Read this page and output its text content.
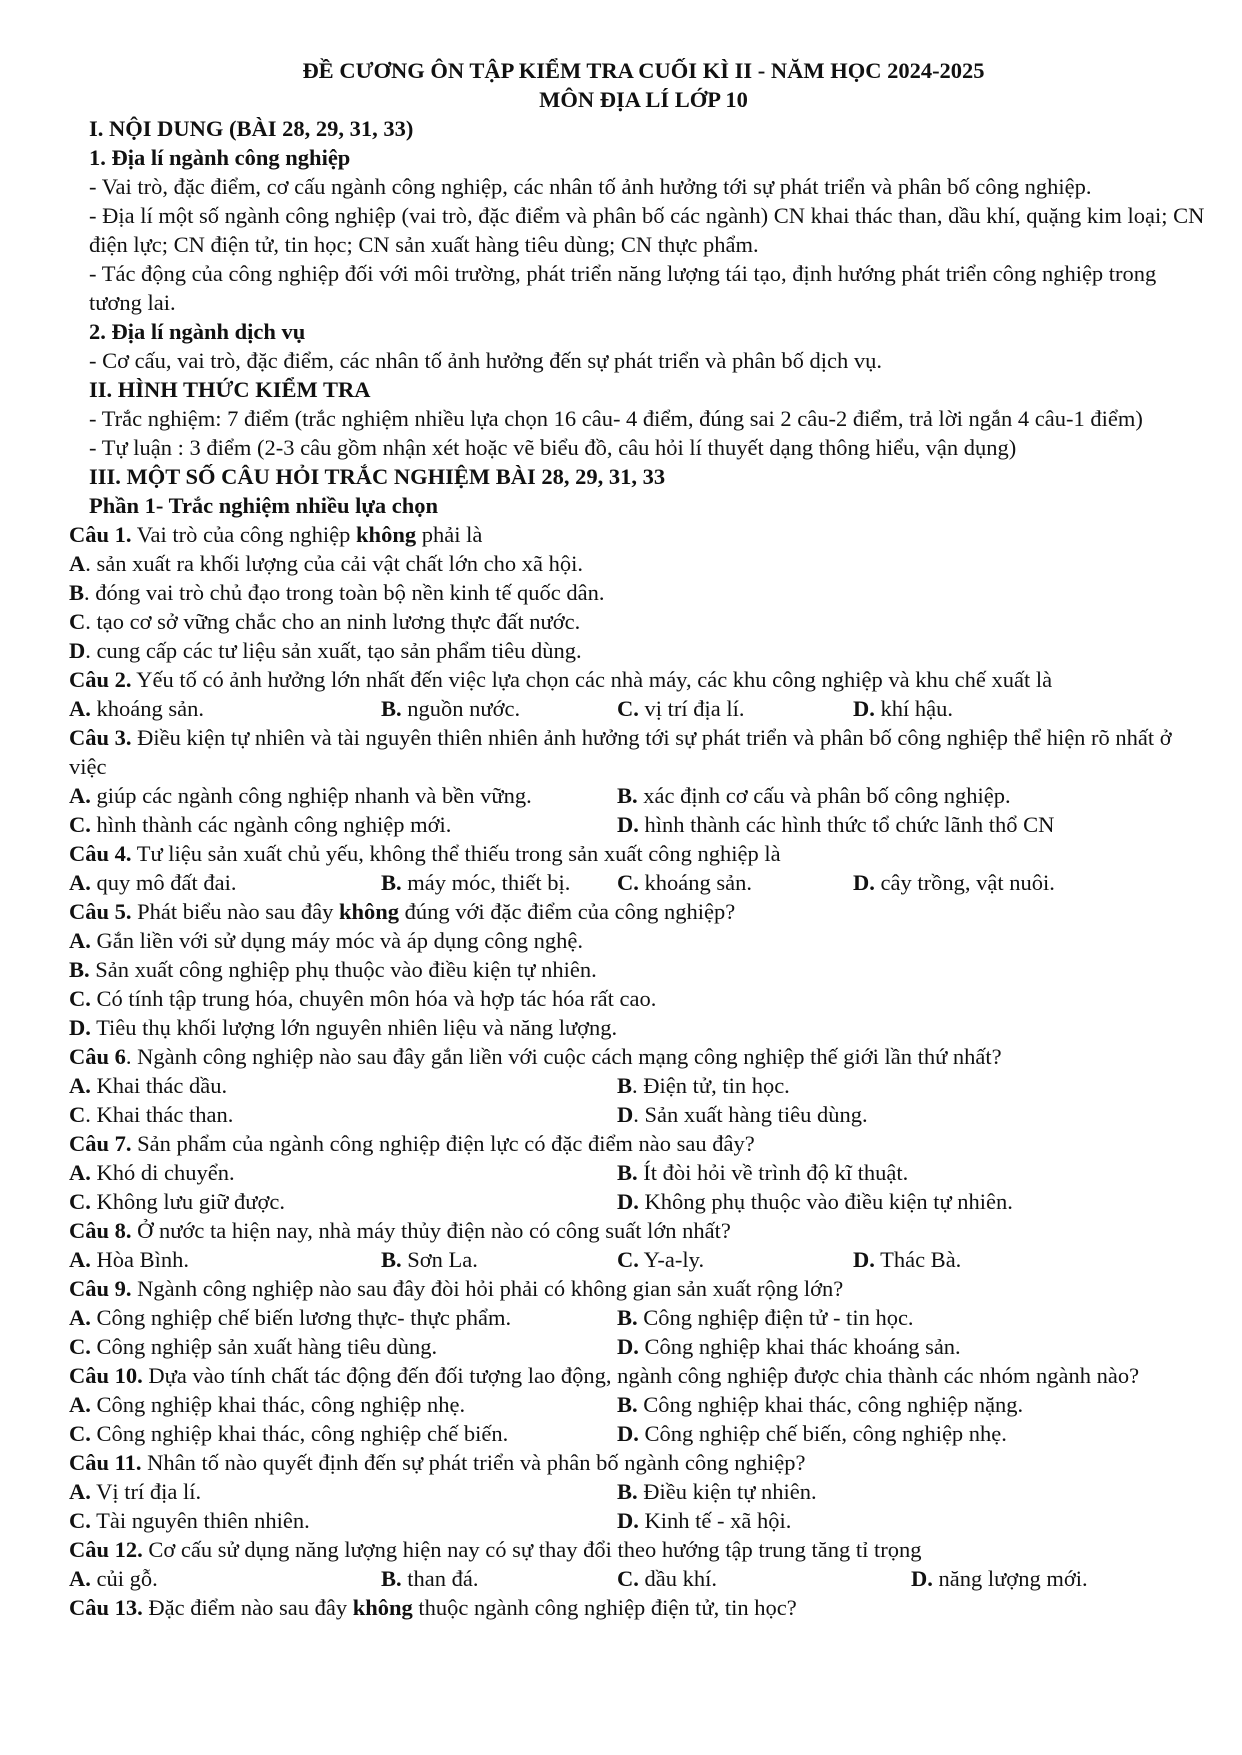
ĐỀ CƯƠNG ÔN TẬP KIỂM TRA CUỐI KÌ II - NĂM HỌC 2024-2025

MÔN ĐỊA LÍ LỚP 10

I. NỘI DUNG (BÀI 28, 29, 31, 33)

1. Địa lí ngành công nghiệp

- Vai trò, đặc điểm, cơ cấu ngành công nghiệp, các nhân tố ảnh hưởng tới sự phát triển và phân bố công nghiệp.

- Địa lí một số ngành công nghiệp (vai trò, đặc điểm và phân bố các ngành) CN khai thác than, dầu khí, quặng kim loại; CN điện lực; CN điện tử, tin học; CN sản xuất hàng tiêu dùng; CN thực phẩm.

- Tác động của công nghiệp đối với môi trường, phát triển năng lượng tái tạo, định hướng phát triển công nghiệp trong tương lai.

2. Địa lí ngành dịch vụ

- Cơ cấu, vai trò, đặc điểm, các nhân tố ảnh hưởng đến sự phát triển và phân bố dịch vụ.

II. HÌNH THỨC KIỂM TRA

- Trắc nghiệm: 7 điểm (trắc nghiệm nhiều lựa chọn 16 câu- 4 điểm, đúng sai 2 câu-2 điểm, trả lời ngắn 4 câu-1 điểm)

- Tự luận : 3 điểm (2-3 câu gồm nhận xét hoặc vẽ biểu đồ, câu hỏi lí thuyết dạng thông hiểu, vận dụng)

III. MỘT SỐ CÂU HỎI TRẮC NGHIỆM BÀI 28, 29, 31, 33

Phần 1- Trắc nghiệm nhiều lựa chọn

Câu 1. Vai trò của công nghiệp không phải là

A. sản xuất ra khối lượng của cải vật chất lớn cho xã hội.
B. đóng vai trò chủ đạo trong toàn bộ nền kinh tế quốc dân.
C. tạo cơ sở vững chắc cho an ninh lương thực đất nước.
D. cung cấp các tư liệu sản xuất, tạo sản phẩm tiêu dùng.

Câu 2. Yếu tố có ảnh hưởng lớn nhất đến việc lựa chọn các nhà máy, các khu công nghiệp và khu chế xuất là

A. khoáng sản.	B. nguồn nước.	C. vị trí địa lí.	D. khí hậu.

Câu 3. Điều kiện tự nhiên và tài nguyên thiên nhiên ảnh hưởng tới sự phát triển và phân bố công nghiệp thể hiện rõ nhất ở việc

A. giúp các ngành công nghiệp nhanh và bền vững.	B. xác định cơ cấu và phân bố công nghiệp.
C. hình thành các ngành công nghiệp mới.	D. hình thành các hình thức tổ chức lãnh thổ CN

Câu 4. Tư liệu sản xuất chủ yếu, không thể thiếu trong sản xuất công nghiệp là

A. quy mô đất đai.	B. máy móc, thiết bị.	C. khoáng sản.	D. cây trồng, vật nuôi.

Câu 5. Phát biểu nào sau đây không đúng với đặc điểm của công nghiệp?

A. Gắn liền với sử dụng máy móc và áp dụng công nghệ.
B. Sản xuất công nghiệp phụ thuộc vào điều kiện tự nhiên.
C. Có tính tập trung hóa, chuyên môn hóa và hợp tác hóa rất cao.
D. Tiêu thụ khối lượng lớn nguyên nhiên liệu và năng lượng.

Câu 6. Ngành công nghiệp nào sau đây gắn liền với cuộc cách mạng công nghiệp thế giới lần thứ nhất?

A. Khai thác dầu.	B. Điện tử, tin học.
C. Khai thác than.	D. Sản xuất hàng tiêu dùng.

Câu 7. Sản phẩm của ngành công nghiệp điện lực có đặc điểm nào sau đây?

A. Khó di chuyển.	B. Ít đòi hỏi về trình độ kĩ thuật.
C. Không lưu giữ được.	D. Không phụ thuộc vào điều kiện tự nhiên.

Câu 8. Ở nước ta hiện nay, nhà máy thủy điện nào có công suất lớn nhất?

A. Hòa Bình.	B. Sơn La.	C. Y-a-ly.	D. Thác Bà.

Câu 9. Ngành công nghiệp nào sau đây đòi hỏi phải có không gian sản xuất rộng lớn?

A. Công nghiệp chế biến lương thực- thực phẩm.	B. Công nghiệp điện tử - tin học.
C. Công nghiệp sản xuất hàng tiêu dùng.	D. Công nghiệp khai thác khoáng sản.

Câu 10. Dựa vào tính chất tác động đến đối tượng lao động, ngành công nghiệp được chia thành các nhóm ngành nào?

A. Công nghiệp khai thác, công nghiệp nhẹ.	B. Công nghiệp khai thác, công nghiệp nặng.
C. Công nghiệp khai thác, công nghiệp chế biến.	D. Công nghiệp chế biến, công nghiệp nhẹ.

Câu 11. Nhân tố nào quyết định đến sự phát triển và phân bố ngành công nghiệp?

A. Vị trí địa lí.	B. Điều kiện tự nhiên.
C. Tài nguyên thiên nhiên.	D. Kinh tế - xã hội.

Câu 12. Cơ cấu sử dụng năng lượng hiện nay có sự thay đổi theo hướng tập trung tăng tỉ trọng

A. củi gỗ.	B. than đá.	C. dầu khí.	D. năng lượng mới.

Câu 13. Đặc điểm nào sau đây không thuộc ngành công nghiệp điện tử, tin học?
